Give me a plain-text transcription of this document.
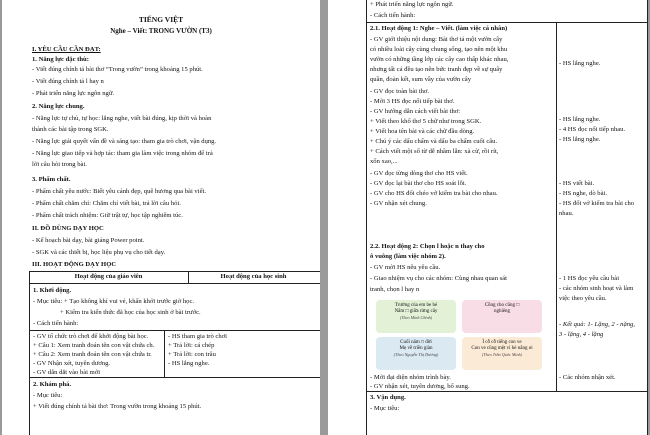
TIẾNG VIỆT
Nghe – Viết: TRONG VƯỜN (T3)
I. YÊU CẦU CẦN ĐẠT:
1. Năng lực đặc thù:
- Viết đúng chính tả bài thơ “Trong vườn” trong khoảng 15 phút.
- Viết đúng chính tả l hay n
- Phát triển năng lực ngôn ngữ.
2. Năng lực chung.
- Năng lực tự chủ, tự học: lắng nghe, viết bài đúng, kịp thời và hoàn
thành các bài tập trong SGK.
- Năng lực giải quyết vấn đề và sáng tạo: tham gia trò chơi, vận dụng.
- Năng lực giao tiếp và hợp tác: tham gia làm việc trong nhóm để trả
lời câu hỏi trong bài.
3. Phẩm chất.
- Phẩm chất yêu nước: Biết yêu cảnh đẹp, quê hương qua bài viết.
- Phẩm chất chăm chỉ: Chăm chỉ viết bài, trả lời câu hỏi.
- Phẩm chất trách nhiệm: Giữ trật tự, học tập nghiêm túc.
II. ĐỒ DÙNG DẠY HỌC
- Kế hoạch bài dạy, bài giảng Power point.
- SGK và các thiết bị, học liệu phụ vụ cho tiết dạy.
III. HOẠT ĐỘNG DẠY HỌC
Hoạt động của giáo viên	Hoạt động của học sinh
1. Khởi động.
- Mục tiêu: + Tạo không khí vui vẻ, khấn khởi trước giờ học.
+ Kiểm tra kiến thức đã học của học sinh ở bài trước.
- Cách tiến hành:
- GV tổ chức trò chơi để khởi động bài học.
+ Câu 1: Xem tranh đoán tên con vật chứa ch.
+ Câu 2: Xem tranh đoán tên con vật chứa tr.
- GV Nhận xét, tuyên dương.
- GV dẫn dắt vào bài mới
- HS tham gia trò chơi
+ Trả lời: cá chép
+ Trả lời: con trâu
- HS lắng nghe.
2. Khám phá.
- Mục tiêu:
+ Viết đúng chính tả bài thơ: Trong vườn trong khoảng 15 phút.
+ Phát triển năng lực ngôn ngữ.
- Cách tiến hành:
2.1. Hoạt động 1: Nghe – Viết. (làm việc cá nhân)
- GV giới thiệu nội dung: Bài thơ tả một vườn cây
có nhiều loài cây cùng chung sống, tạo nên một khu
vườn có những tầng lớp các cây cao thấp khác nhau,
nhưng tất cả đều tạo nên bức tranh đẹp về sự quây
quần, đoàn kết, sum vầy của vườn cây
- GV đọc toàn bài thơ.
- Mời 3 HS đọc nối tiếp bài thơ.
- GV hướng dẫn cách viết bài thơ:
+ Viết theo khổ thơ 5 chữ như trong SGK.
+ Viết hoa tên bài và các chữ đầu dòng.
+ Chú ý các dấu chấm và dấu ba chấm cuối câu.
+ Cách viết một số từ dễ nhầm lẫn: xà cừ, rồi rít,
xốn xao,...
- GV đọc từng dòng thơ cho HS viết.
- GV đọc lại bài thơ cho HS soát lỗi.
- GV cho HS đổi chéo vở kiểm tra bài cho nhau.
- GV nhận xét chung.
- HS lắng nghe.
- HS lắng nghe.
- 4 HS đọc nối tiếp nhau.
- HS lắng nghe.
- HS viết bài.
- HS nghe, dò bài.
- HS đổi vở kiểm tra bài cho
nhau.
2.2. Hoạt động 2: Chọn l hoặc n thay cho
ô vuông (làm việc nhóm 2).
- GV mời HS nêu yêu cầu.
- Giao nhiệm vụ cho các nhóm: Cùng nhau quan sát
tranh, chọn l hay n
- 1 HS đọc yêu cầu bài
- các nhóm sinh hoạt và làm
việc theo yêu cầu.
- Kết quả: 1- Lặng, 2 - nặng,
3 - lặng, 4 - lặng
Trường của em be bé
Nằm □ giữa rừng cây
(Theo Minh Chính)
Cồng cho cũng □
nghiêng
Cuối năm □ đời
Mẹ về triền giàn
(Theo Nguyễn Thị Dương)
Ì cỗ cỗ tiếng con ve
Con ve cũng mệt vì hè nắng oi
(Theo Trần Quốc Minh)
- Mời đại diện nhóm trình bày.
- GV nhận xét, tuyên dương, bổ sung.
- Các nhóm nhận xét.
3. Vận dụng.
- Mục tiêu:
